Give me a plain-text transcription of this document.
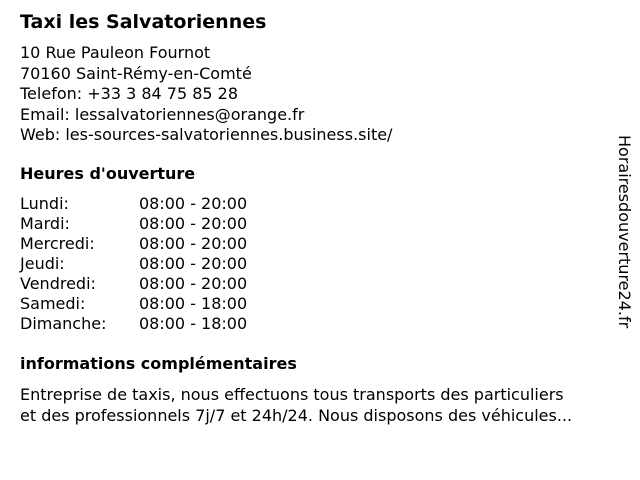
Taxi les Salvatoriennes
10 Rue Pauleon Fournot
70160 Saint-Rémy-en-Comté
Telefon: +33 3 84 75 85 28
Email: lessalvatoriennes@orange.fr
Web: les-sources-salvatoriennes.business.site/
Heures d'ouverture
Lundi:	08:00 - 20:00
Mardi:	08:00 - 20:00
Mercredi:	08:00 - 20:00
Jeudi:	08:00 - 20:00
Vendredi:	08:00 - 20:00
Samedi:	08:00 - 18:00
Dimanche: 08:00 - 18:00
informations complémentaires
Entreprise de taxis, nous effectuons tous transports des particuliers
et des professionnels 7j/7 et 24h/24. Nous disposons des véhicules...
Horairesdouverture24.fr
